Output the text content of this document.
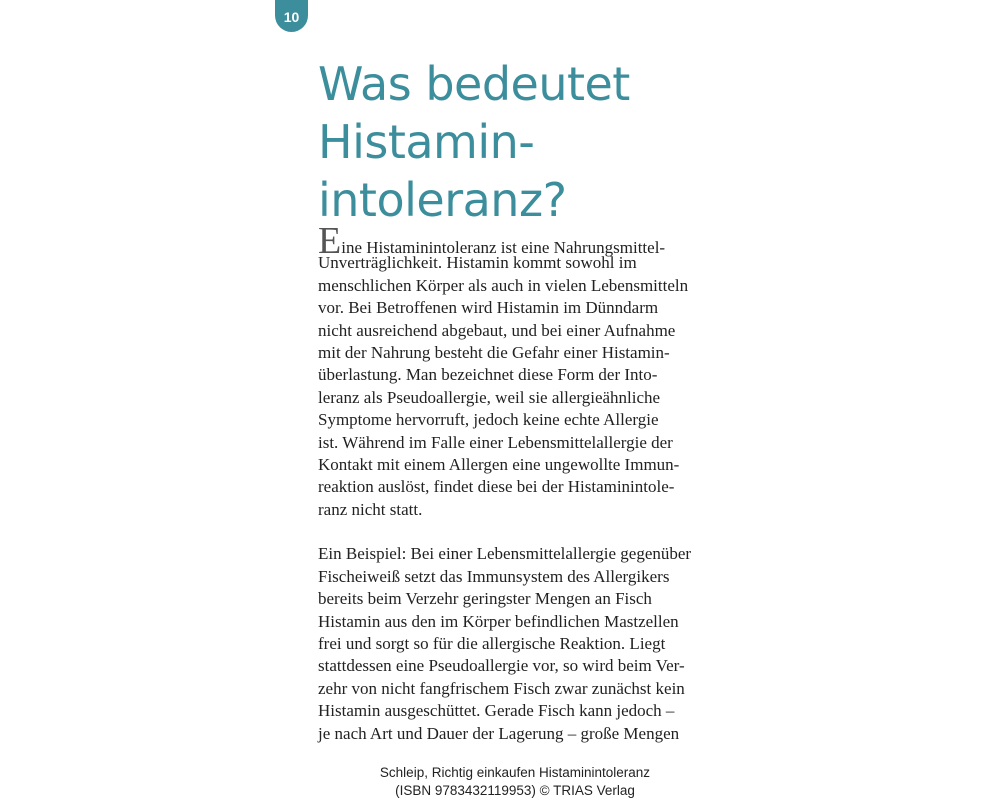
10
Was bedeutet
Histamin-
intoleranz?
Eine Histaminintoleranz ist eine Nahrungsmittel-
Unverträglichkeit. Histamin kommt sowohl im
menschlichen Körper als auch in vielen Lebensmitteln
vor. Bei Betroffenen wird Histamin im Dünndarm
nicht ausreichend abgebaut, und bei einer Aufnahme
mit der Nahrung besteht die Gefahr einer Histamin-
überlastung. Man bezeichnet diese Form der Into-
leranz als Pseudoallergie, weil sie allergieähnliche
Symptome hervorruft, jedoch keine echte Allergie
ist. Während im Falle einer Lebensmittelallergie der
Kontakt mit einem Allergen eine ungewollte Immun-
reaktion auslöst, findet diese bei der Histaminintole-
ranz nicht statt.
Ein Beispiel: Bei einer Lebensmittelallergie gegenüber
Fischeiweiß setzt das Immunsystem des Allergikers
bereits beim Verzehr geringster Mengen an Fisch
Histamin aus den im Körper befindlichen Mastzellen
frei und sorgt so für die allergische Reaktion. Liegt
stattdessen eine Pseudoallergie vor, so wird beim Ver-
zehr von nicht fangfrischem Fisch zwar zunächst kein
Histamin ausgeschüttet. Gerade Fisch kann jedoch –
je nach Art und Dauer der Lagerung – große Mengen
Schleip, Richtig einkaufen Histaminintoleranz
(ISBN 9783432119953) © TRIAS Verlag
